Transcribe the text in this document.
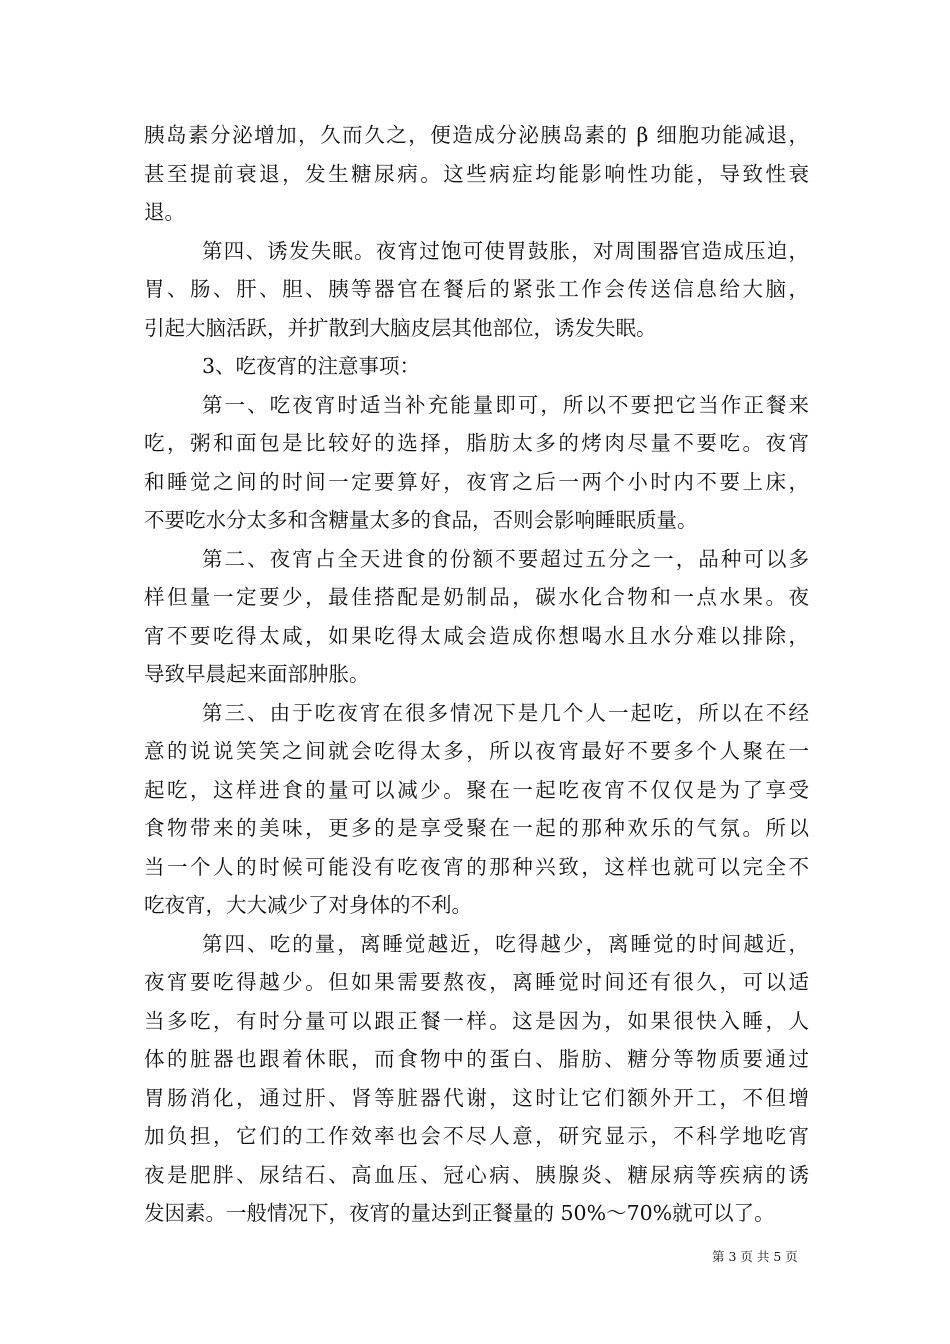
胰岛素分泌增加，久而久之，便造成分泌胰岛素的 β 细胞功能减退，
甚至提前衰退，发生糖尿病。这些病症均能影响性功能，导致性衰
退。
第四、诱发失眠。夜宵过饱可使胃鼓胀，对周围器官造成压迫，
胃、肠、肝、胆、胰等器官在餐后的紧张工作会传送信息给大脑，
引起大脑活跃，并扩散到大脑皮层其他部位，诱发失眠。
3、吃夜宵的注意事项：
第一、吃夜宵时适当补充能量即可，所以不要把它当作正餐来
吃，粥和面包是比较好的选择，脂肪太多的烤肉尽量不要吃。夜宵
和睡觉之间的时间一定要算好，夜宵之后一两个小时内不要上床，
不要吃水分太多和含糖量太多的食品，否则会影响睡眠质量。
第二、夜宵占全天进食的份额不要超过五分之一，品种可以多
样但量一定要少，最佳搭配是奶制品，碳水化合物和一点水果。夜
宵不要吃得太咸，如果吃得太咸会造成你想喝水且水分难以排除，
导致早晨起来面部肿胀。
第三、由于吃夜宵在很多情况下是几个人一起吃，所以在不经
意的说说笑笑之间就会吃得太多，所以夜宵最好不要多个人聚在一
起吃，这样进食的量可以减少。聚在一起吃夜宵不仅仅是为了享受
食物带来的美味，更多的是享受聚在一起的那种欢乐的气氛。所以
当一个人的时候可能没有吃夜宵的那种兴致，这样也就可以完全不
吃夜宵，大大减少了对身体的不利。
第四、吃的量，离睡觉越近，吃得越少，离睡觉的时间越近，
夜宵要吃得越少。但如果需要熬夜，离睡觉时间还有很久，可以适
当多吃，有时分量可以跟正餐一样。这是因为，如果很快入睡，人
体的脏器也跟着休眠，而食物中的蛋白、脂肪、糖分等物质要通过
胃肠消化，通过肝、肾等脏器代谢，这时让它们额外开工，不但增
加负担，它们的工作效率也会不尽人意，研究显示，不科学地吃宵
夜是肥胖、尿结石、高血压、冠心病、胰腺炎、糖尿病等疾病的诱
发因素。一般情况下，夜宵的量达到正餐量的 50%～70%就可以了。
第 3 页 共 5 页
